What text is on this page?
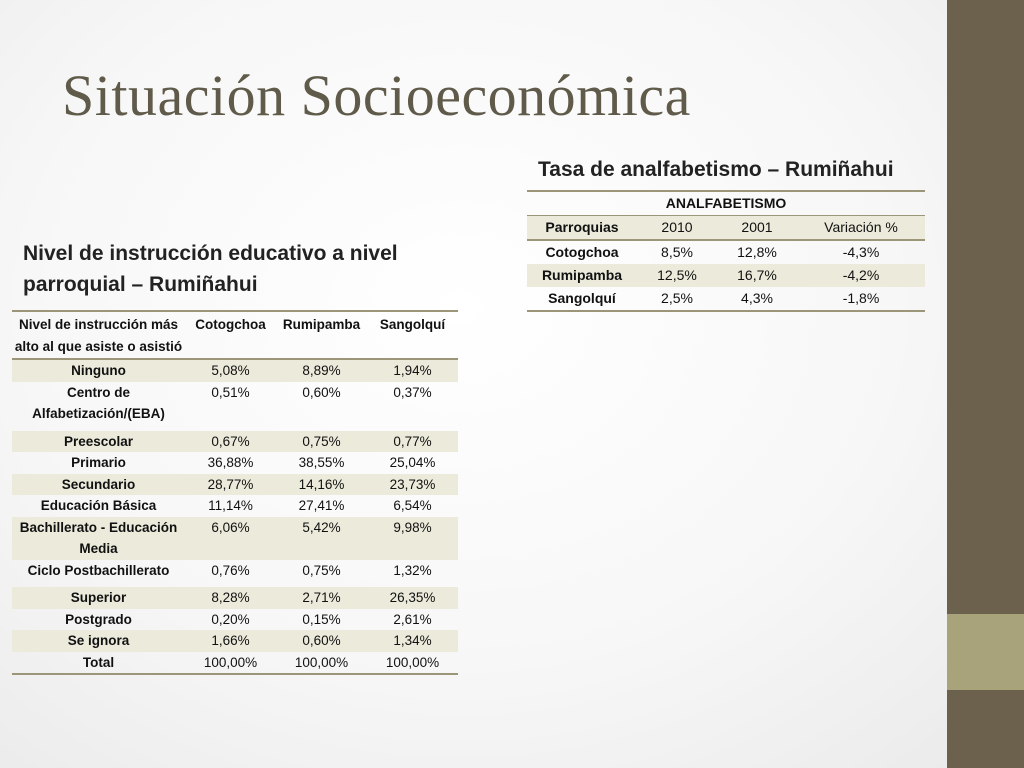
Situación Socioeconómica
Nivel de instrucción educativo a nivel parroquial – Rumiñahui
Nivel de instrucción más alto al que asiste o asistió	Cotogchoa	Rumipamba	Sangolquí
Ninguno	5,08%	8,89%	1,94%
Centro de Alfabetización/(EBA)	0,51%	0,60%	0,37%
Preescolar	0,67%	0,75%	0,77%
Primario	36,88%	38,55%	25,04%
Secundario	28,77%	14,16%	23,73%
Educación Básica	11,14%	27,41%	6,54%
Bachillerato - Educación Media	6,06%	5,42%	9,98%
Ciclo Postbachillerato	0,76%	0,75%	1,32%
Superior	8,28%	2,71%	26,35%
Postgrado	0,20%	0,15%	2,61%
Se ignora	1,66%	0,60%	1,34%
Total	100,00%	100,00%	100,00%
Tasa de analfabetismo – Rumiñahui
ANALFABETISMO			
Parroquias	2010	2001	Variación %
Cotogchoa	8,5%	12,8%	-4,3%
Rumipamba	12,5%	16,7%	-4,2%
Sangolquí	2,5%	4,3%	-1,8%
